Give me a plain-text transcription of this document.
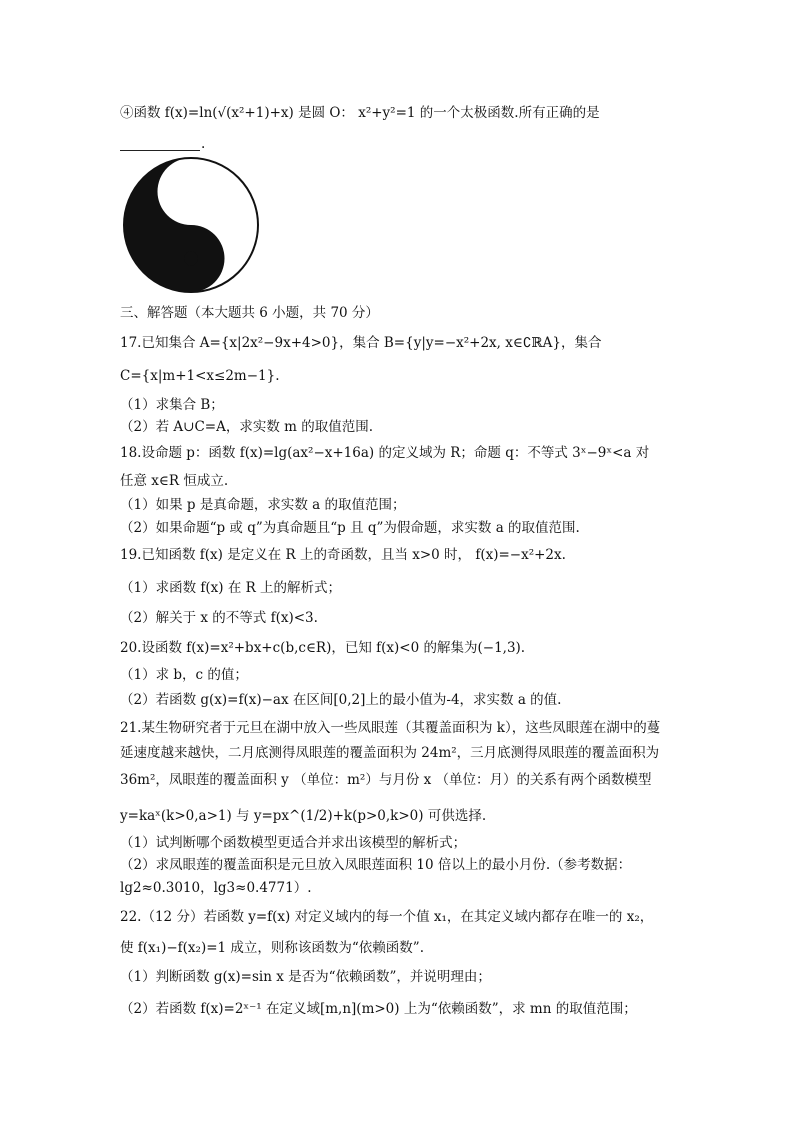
④函数 f(x)=ln(√(x²+1)+x) 是圆 O： x²+y²=1 的一个太极函数.所有正确的是
.
三、解答题（本大题共 6 小题，共 70 分）
17.已知集合 A={x|2x²−9x+4>0}，集合 B={y|y=−x²+2x, x∈∁ℝA}，集合
C={x|m+1<x≤2m−1}.
（1）求集合 B；
（2）若 A∪C=A，求实数 m 的取值范围.
18.设命题 p：函数 f(x)=lg(ax²−x+16a) 的定义域为 R；命题 q：不等式 3ˣ−9ˣ<a 对
任意 x∈R 恒成立.
（1）如果 p 是真命题，求实数 a 的取值范围；
（2）如果命题“p 或 q”为真命题且“p 且 q”为假命题，求实数 a 的取值范围.
19.已知函数 f(x) 是定义在 R 上的奇函数，且当 x>0 时， f(x)=−x²+2x.
（1）求函数 f(x) 在 R 上的解析式；
（2）解关于 x 的不等式 f(x)<3.
20.设函数 f(x)=x²+bx+c(b,c∈R)，已知 f(x)<0 的解集为(−1,3).
（1）求 b，c 的值；
（2）若函数 g(x)=f(x)−ax 在区间[0,2]上的最小值为-4，求实数 a 的值.
21.某生物研究者于元旦在湖中放入一些凤眼莲（其覆盖面积为 k），这些凤眼莲在湖中的蔓
延速度越来越快，二月底测得凤眼莲的覆盖面积为 24m²，三月底测得凤眼莲的覆盖面积为
36m²，凤眼莲的覆盖面积 y （单位：m²）与月份 x （单位：月）的关系有两个函数模型
y=kaˣ(k>0,a>1) 与 y=px^(1/2)+k(p>0,k>0) 可供选择.
（1）试判断哪个函数模型更适合并求出该模型的解析式；
（2）求凤眼莲的覆盖面积是元旦放入凤眼莲面积 10 倍以上的最小月份.（参考数据：
lg2≈0.3010，lg3≈0.4771）.
22.（12 分）若函数 y=f(x) 对定义域内的每一个值 x₁，在其定义域内都存在唯一的 x₂，
使 f(x₁)−f(x₂)=1 成立，则称该函数为“依赖函数”.
（1）判断函数 g(x)=sin x 是否为“依赖函数”，并说明理由；
（2）若函数 f(x)=2ˣ⁻¹ 在定义域[m,n](m>0) 上为“依赖函数”，求 mn 的取值范围；
